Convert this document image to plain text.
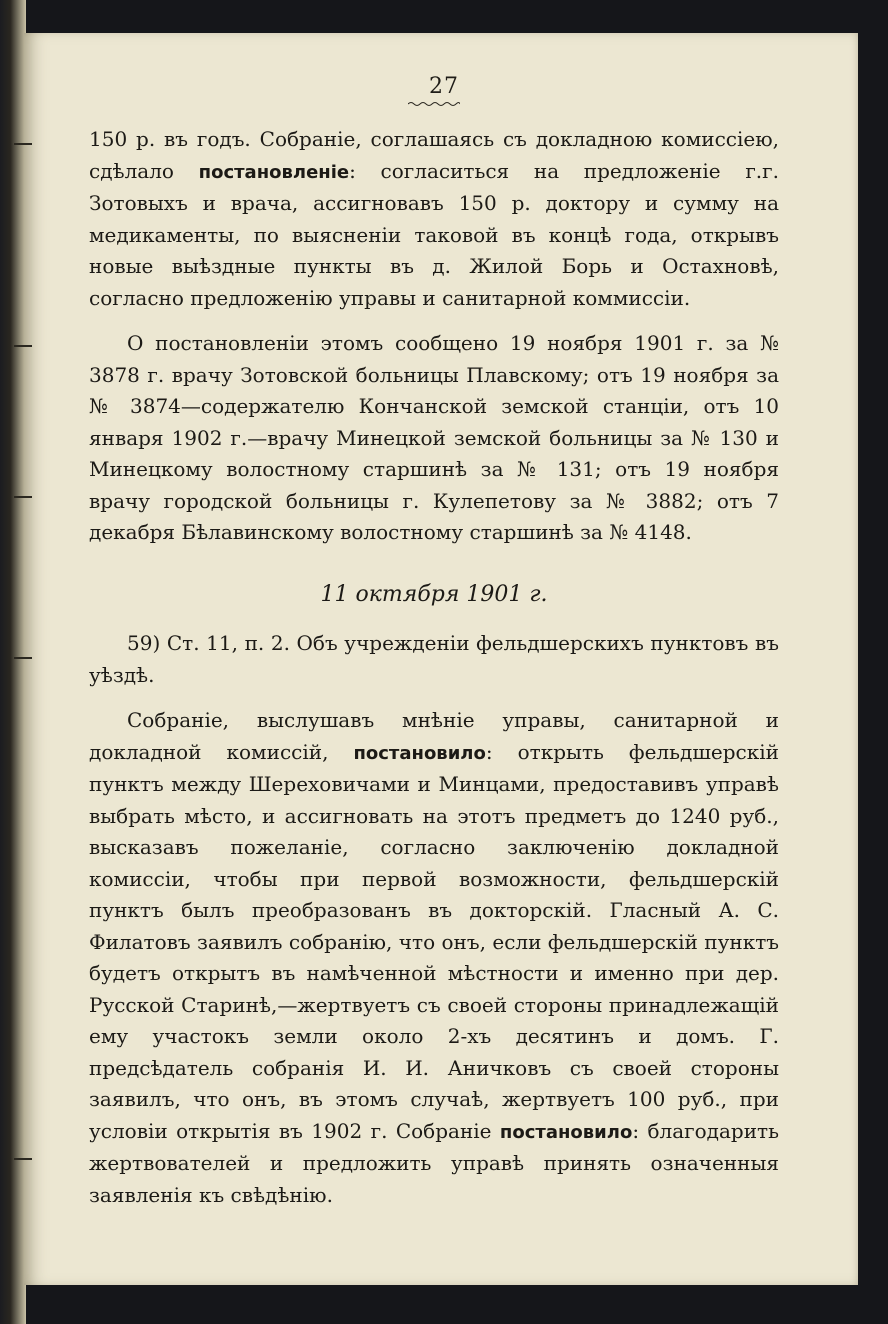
27

150 р. въ годъ. Собраніе, соглашаясь съ докладною комиссіею, сдѣлало постановленіе: согласиться на предложеніе г.г. Зотовыхъ и врача, ассигновавъ 150 р. доктору и сумму на медикаменты, по выясненіи таковой въ концѣ года, открывъ новые выѣздные пункты въ д. Жилой Борь и Остахновѣ, согласно предложенію управы и санитарной коммиссіи.

О постановленіи этомъ сообщено 19 ноября 1901 г. за № 3878 г. врачу Зотовской больницы Плавскому; отъ 19 ноября за № 3874—содержателю Кончанской земской станціи, отъ 10 января 1902 г.—врачу Минецкой земской больницы за № 130 и Минецкому волостному старшинѣ за № 131; отъ 19 ноября врачу городской больницы г. Кулепетову за № 3882; отъ 7 декабря Бѣлавинскому волостному старшинѣ за № 4148.

11 октября 1901 г.

59) Ст. 11, п. 2. Объ учрежденіи фельдшерскихъ пунктовъ въ уѣздѣ.

Собраніе, выслушавъ мнѣніе управы, санитарной и докладной комиссій, постановило: открыть фельдшерскій пунктъ между Шереховичами и Минцами, предоставивъ управѣ выбрать мѣсто, и ассигновать на этотъ предметъ до 1240 руб., высказавъ пожеланіе, согласно заключенію докладной комиссіи, чтобы при первой возможности, фельдшерскій пунктъ былъ преобразованъ въ докторскій. Гласный А. С. Филатовъ заявилъ собранію, что онъ, если фельдшерскій пунктъ будетъ открытъ въ намѣченной мѣстности и именно при дер. Русской Старинѣ,—жертвуетъ съ своей стороны принадлежащій ему участокъ земли около 2-хъ десятинъ и домъ. Г. предсѣдатель собранія И. И. Аничковъ съ своей стороны заявилъ, что онъ, въ этомъ случаѣ, жертвуетъ 100 руб., при условіи открытія въ 1902 г. Собраніе постановило: благодарить жертвователей и предложить управѣ принять означенныя заявленія къ свѣдѣнію.
